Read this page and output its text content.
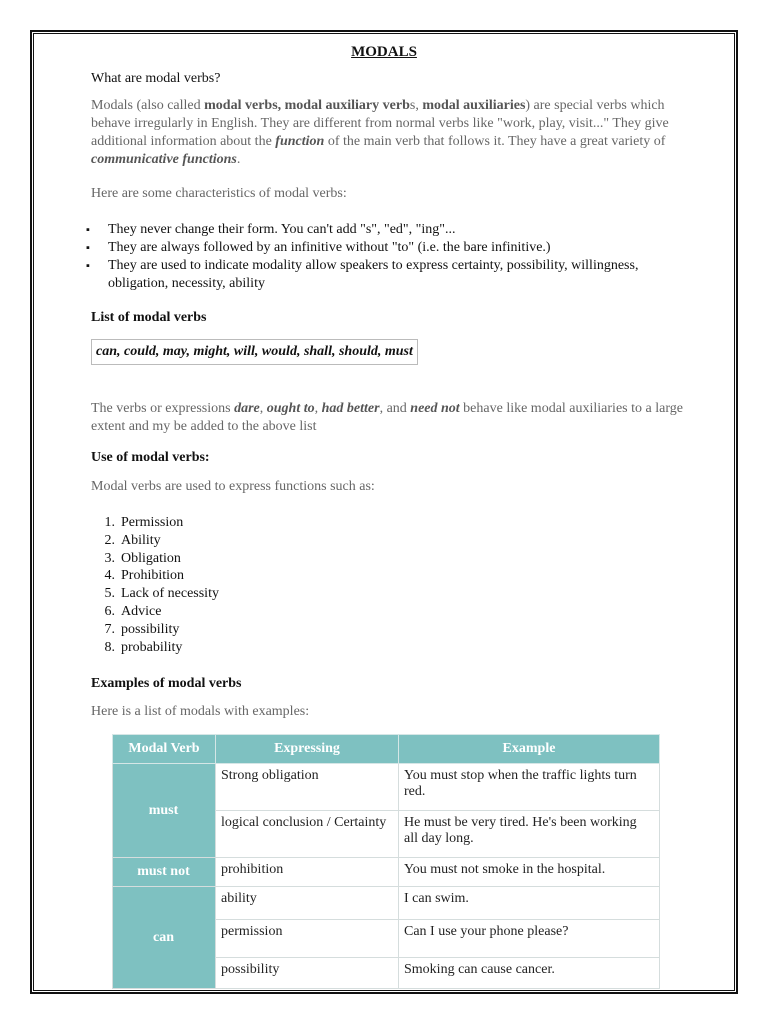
MODALS
What are modal verbs?
Modals (also called modal verbs, modal auxiliary verbs, modal auxiliaries) are special verbs which behave irregularly in English. They are different from normal verbs like "work, play, visit..." They give additional information about the function of the main verb that follows it. They have a great variety of communicative functions.
Here are some characteristics of modal verbs:
▪ They never change their form. You can't add "s", "ed", "ing"...
▪ They are always followed by an infinitive without "to" (i.e. the bare infinitive.)
▪ They are used to indicate modality allow speakers to express certainty, possibility, willingness, obligation, necessity, ability
List of modal verbs
can, could, may, might, will, would, shall, should, must
The verbs or expressions dare, ought to, had better, and need not behave like modal auxiliaries to a large extent and my be added to the above list
Use of modal verbs:
Modal verbs are used to express functions such as:
1. Permission
2. Ability
3. Obligation
4. Prohibition
5. Lack of necessity
6. Advice
7. possibility
8. probability
Examples of modal verbs
Here is a list of modals with examples:
Modal Verb	Expressing	Example
must	Strong obligation	You must stop when the traffic lights turn red.
	logical conclusion / Certainty	He must be very tired. He's been working all day long.
must not	prohibition	You must not smoke in the hospital.
can	ability	I can swim.
	permission	Can I use your phone please?
	possibility	Smoking can cause cancer.
